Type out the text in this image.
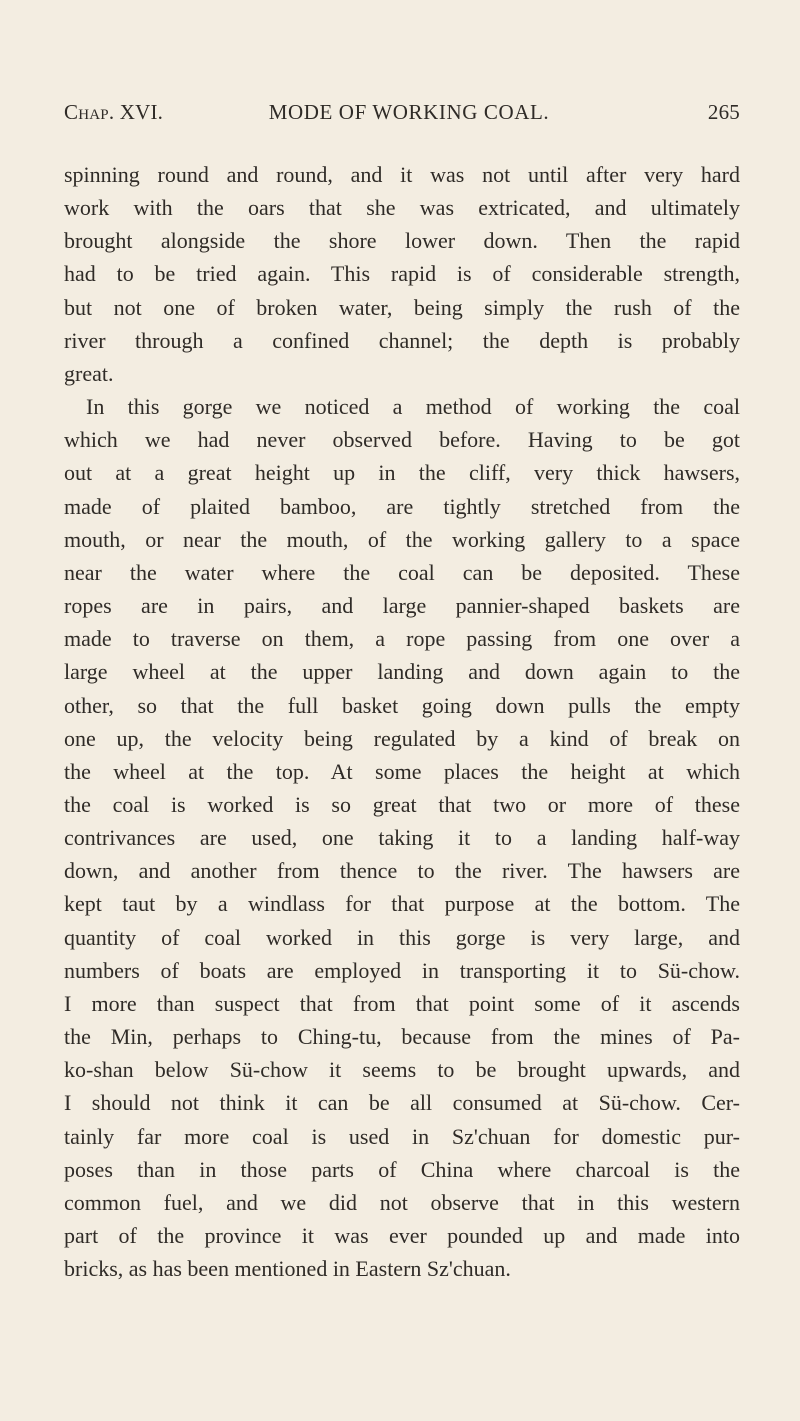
Chap. XVI.	MODE OF WORKING COAL.	265
spinning round and round, and it was not until after very hard
work with the oars that she was extricated, and ultimately
brought alongside the shore lower down. Then the rapid
had to be tried again. This rapid is of considerable strength,
but not one of broken water, being simply the rush of the
river through a confined channel; the depth is probably
great.
In this gorge we noticed a method of working the coal
which we had never observed before. Having to be got
out at a great height up in the cliff, very thick hawsers,
made of plaited bamboo, are tightly stretched from the
mouth, or near the mouth, of the working gallery to a space
near the water where the coal can be deposited. These
ropes are in pairs, and large pannier-shaped baskets are
made to traverse on them, a rope passing from one over a
large wheel at the upper landing and down again to the
other, so that the full basket going down pulls the empty
one up, the velocity being regulated by a kind of break on
the wheel at the top. At some places the height at which
the coal is worked is so great that two or more of these
contrivances are used, one taking it to a landing half-way
down, and another from thence to the river. The hawsers are
kept taut by a windlass for that purpose at the bottom. The
quantity of coal worked in this gorge is very large, and
numbers of boats are employed in transporting it to Sü-chow.
I more than suspect that from that point some of it ascends
the Min, perhaps to Ching-tu, because from the mines of Pa-
ko-shan below Sü-chow it seems to be brought upwards, and
I should not think it can be all consumed at Sü-chow. Cer-
tainly far more coal is used in Sz'chuan for domestic pur-
poses than in those parts of China where charcoal is the
common fuel, and we did not observe that in this western
part of the province it was ever pounded up and made into
bricks, as has been mentioned in Eastern Sz'chuan.
